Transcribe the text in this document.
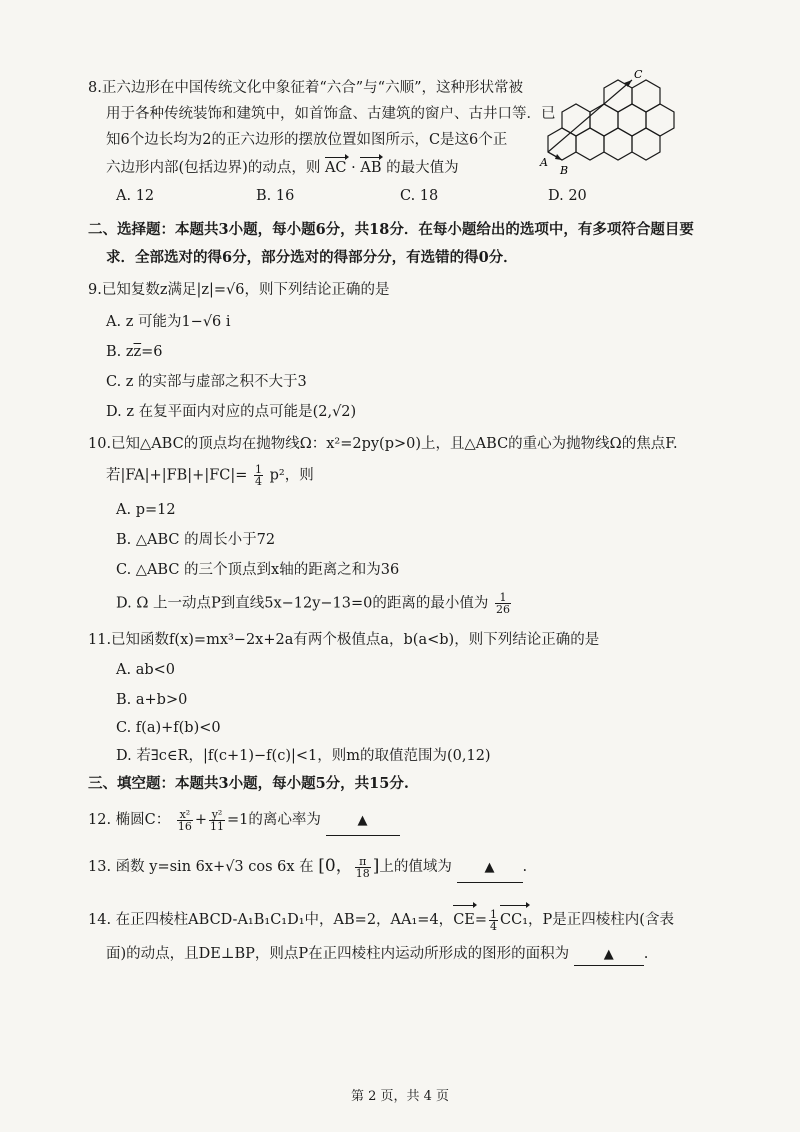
8.正六边形在中国传统文化中象征着“六合”与“六顺”，这种形状常被
用于各种传统装饰和建筑中，如首饰盒、古建筑的窗户、古井口等．已
知6个边长均为2的正六边形的摆放位置如图所示，C是这6个正
六边形内部(包括边界)的动点，则 AC · AB 的最大值为
A. 12	B. 16	C. 18	D. 20
A
B
C
二、选择题：本题共3小题，每小题6分，共18分．在每小题给出的选项中，有多项符合题目要
求．全部选对的得6分，部分选对的得部分分，有选错的得0分．
9.已知复数z满足|z|=√6，则下列结论正确的是
A. z 可能为1−√6 i
B. $z\overline{z}=6$
C. z 的实部与虚部之积不大于3
D. z 在复平面内对应的点可能是(2,√2)
10.已知△ABC的顶点均在抛物线Ω：x²=2py(p>0)上，且△ABC的重心为抛物线Ω的焦点F.
若$|FA|+|FB|+|FC|= \frac{1}{4} p^2$，则
A. p=12
B. △ABC 的周长小于72
C. △ABC 的三个顶点到x轴的距离之和为36
D. Ω 上一动点P到直线5x−12y−13=0的距离的最小值为 $\frac{1}{26}$
11.已知函数f(x)=mx³−2x+2a有两个极值点a，b(a<b)，则下列结论正确的是
A. ab<0
B. a+b>0
C. f(a)+f(b)<0
D. 若∃c∈R，|f(c+1)−f(c)|<1，则m的取值范围为(0,12)
三、填空题：本题共3小题，每小题5分，共15分.
12. 椭圆C： $\frac{\text{x²}}{16} + \frac{\text{y²}}{11} =1$的离心率为	▲
13. 函数 y=sin 6x+√3 cos 6x 在 [0， $\frac{\pi}{18}$ ]上的值域为	▲ .
14. 在正四棱柱ABCD-A₁B₁C₁D₁中，AB=2，AA₁=4，$CE= \frac{1}{4} CC_1$，P是正四棱柱内(含表
面)的动点，且DE⊥BP，则点P在正四棱柱内运动所形成的图形的面积为	▲ .
第 2 页，共 4 页
